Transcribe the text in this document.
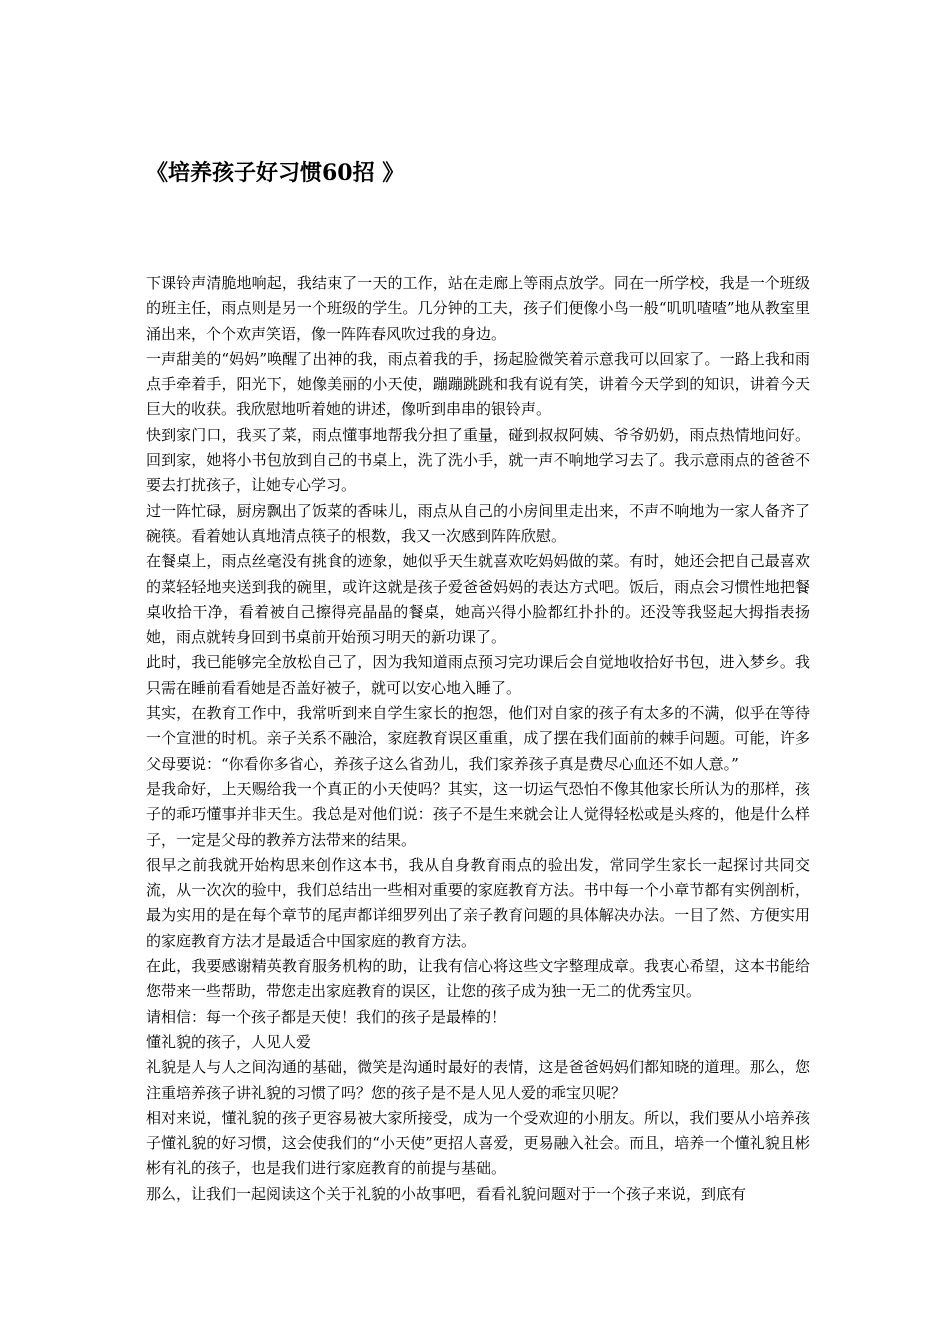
《培养孩子好习惯60招 》

下课铃声清脆地响起，我结束了一天的工作，站在走廊上等雨点放学。同在一所学校，我是一个班级的班主任，雨点则是另一个班级的学生。几分钟的工夫，孩子们便像小鸟一般“叽叽喳喳”地从教室里涌出来，个个欢声笑语，像一阵阵春风吹过我的身边。

一声甜美的“妈妈”唤醒了出神的我，雨点着我的手，扬起脸微笑着示意我可以回家了。一路上我和雨点手牵着手，阳光下，她像美丽的小天使，蹦蹦跳跳和我有说有笑，讲着今天学到的知识，讲着今天巨大的收获。我欣慰地听着她的讲述，像听到串串的银铃声。

快到家门口，我买了菜，雨点懂事地帮我分担了重量，碰到叔叔阿姨、爷爷奶奶，雨点热情地问好。回到家，她将小书包放到自己的书桌上，洗了洗小手，就一声不响地学习去了。我示意雨点的爸爸不要去打扰孩子，让她专心学习。

过一阵忙碌，厨房飘出了饭菜的香味儿，雨点从自己的小房间里走出来，不声不响地为一家人备齐了碗筷。看着她认真地清点筷子的根数，我又一次感到阵阵欣慰。

在餐桌上，雨点丝毫没有挑食的迹象，她似乎天生就喜欢吃妈妈做的菜。有时，她还会把自己最喜欢的菜轻轻地夹送到我的碗里，或许这就是孩子爱爸爸妈妈的表达方式吧。饭后，雨点会习惯性地把餐桌收拾干净，看着被自己擦得亮晶晶的餐桌，她高兴得小脸都红扑扑的。还没等我竖起大拇指表扬她，雨点就转身回到书桌前开始预习明天的新功课了。

此时，我已能够完全放松自己了，因为我知道雨点预习完功课后会自觉地收拾好书包，进入梦乡。我只需在睡前看看她是否盖好被子，就可以安心地入睡了。

其实，在教育工作中，我常听到来自学生家长的抱怨，他们对自家的孩子有太多的不满，似乎在等待一个宣泄的时机。亲子关系不融洽，家庭教育误区重重，成了摆在我们面前的棘手问题。可能，许多父母要说：“你看你多省心，养孩子这么省劲儿，我们家养孩子真是费尽心血还不如人意。”

是我命好，上天赐给我一个真正的小天使吗？其实，这一切运气恐怕不像其他家长所认为的那样，孩子的乖巧懂事并非天生。我总是对他们说：孩子不是生来就会让人觉得轻松或是头疼的，他是什么样子，一定是父母的教养方法带来的结果。

很早之前我就开始构思来创作这本书，我从自身教育雨点的验出发，常同学生家长一起探讨共同交流，从一次次的验中，我们总结出一些相对重要的家庭教育方法。书中每一个小章节都有实例剖析，最为实用的是在每个章节的尾声都详细罗列出了亲子教育问题的具体解决办法。一目了然、方便实用的家庭教育方法才是最适合中国家庭的教育方法。

在此，我要感谢精英教育服务机构的助，让我有信心将这些文字整理成章。我衷心希望，这本书能给您带来一些帮助，带您走出家庭教育的误区，让您的孩子成为独一无二的优秀宝贝。

请相信：每一个孩子都是天使！我们的孩子是最棒的！

懂礼貌的孩子，人见人爱

礼貌是人与人之间沟通的基础，微笑是沟通时最好的表情，这是爸爸妈妈们都知晓的道理。那么，您注重培养孩子讲礼貌的习惯了吗？您的孩子是不是人见人爱的乖宝贝呢？

相对来说，懂礼貌的孩子更容易被大家所接受，成为一个受欢迎的小朋友。所以，我们要从小培养孩子懂礼貌的好习惯，这会使我们的“小天使”更招人喜爱，更易融入社会。而且，培养一个懂礼貌且彬彬有礼的孩子，也是我们进行家庭教育的前提与基础。

那么，让我们一起阅读这个关于礼貌的小故事吧，看看礼貌问题对于一个孩子来说，到底有
